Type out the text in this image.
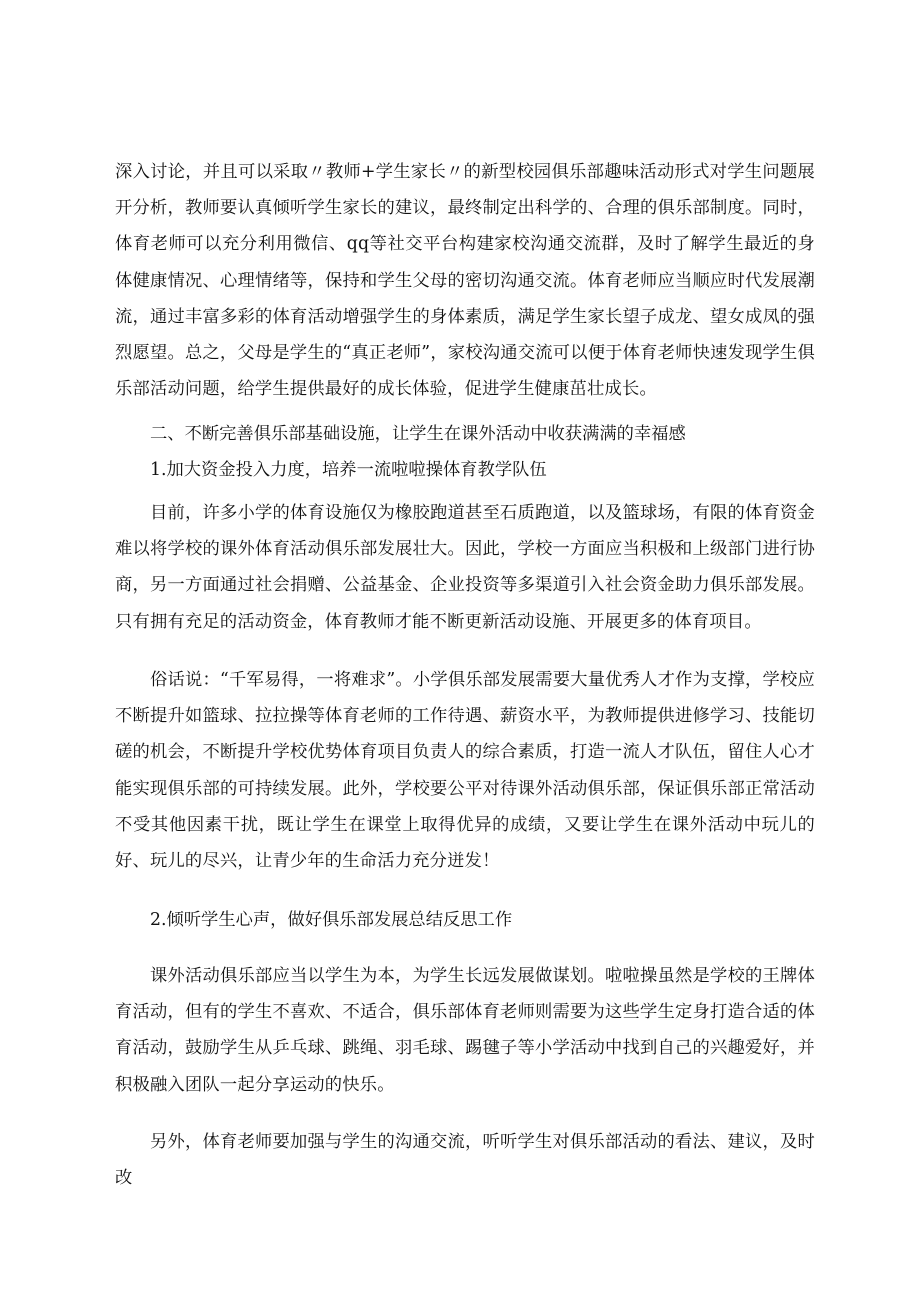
深入讨论，并且可以采取〃教师+学生家长〃的新型校园俱乐部趣味活动形式对学生问题展开分析，教师要认真倾听学生家长的建议，最终制定出科学的、合理的俱乐部制度。同时，体育老师可以充分利用微信、qq等社交平台构建家校沟通交流群，及时了解学生最近的身体健康情况、心理情绪等，保持和学生父母的密切沟通交流。体育老师应当顺应时代发展潮流，通过丰富多彩的体育活动增强学生的身体素质，满足学生家长望子成龙、望女成凤的强烈愿望。总之，父母是学生的“真正老师”，家校沟通交流可以便于体育老师快速发现学生俱乐部活动问题，给学生提供最好的成长体验，促进学生健康茁壮成长。

二、不断完善俱乐部基础设施，让学生在课外活动中收获满满的幸福感

1.加大资金投入力度，培养一流啦啦操体育教学队伍

目前，许多小学的体育设施仅为橡胶跑道甚至石质跑道，以及篮球场，有限的体育资金难以将学校的课外体育活动俱乐部发展壮大。因此，学校一方面应当积极和上级部门进行协商，另一方面通过社会捐赠、公益基金、企业投资等多渠道引入社会资金助力俱乐部发展。只有拥有充足的活动资金，体育教师才能不断更新活动设施、开展更多的体育项目。

俗话说：“千军易得，一将难求”。小学俱乐部发展需要大量优秀人才作为支撑，学校应不断提升如篮球、拉拉操等体育老师的工作待遇、薪资水平，为教师提供进修学习、技能切磋的机会，不断提升学校优势体育项目负责人的综合素质，打造一流人才队伍，留住人心才能实现俱乐部的可持续发展。此外，学校要公平对待课外活动俱乐部，保证俱乐部正常活动不受其他因素干扰，既让学生在课堂上取得优异的成绩，又要让学生在课外活动中玩儿的好、玩儿的尽兴，让青少年的生命活力充分迸发！

2.倾听学生心声，做好俱乐部发展总结反思工作

课外活动俱乐部应当以学生为本，为学生长远发展做谋划。啦啦操虽然是学校的王牌体育活动，但有的学生不喜欢、不适合，俱乐部体育老师则需要为这些学生定身打造合适的体育活动，鼓励学生从乒乓球、跳绳、羽毛球、踢毽子等小学活动中找到自己的兴趣爱好，并积极融入团队一起分享运动的快乐。

另外，体育老师要加强与学生的沟通交流，听听学生对俱乐部活动的看法、建议，及时改
